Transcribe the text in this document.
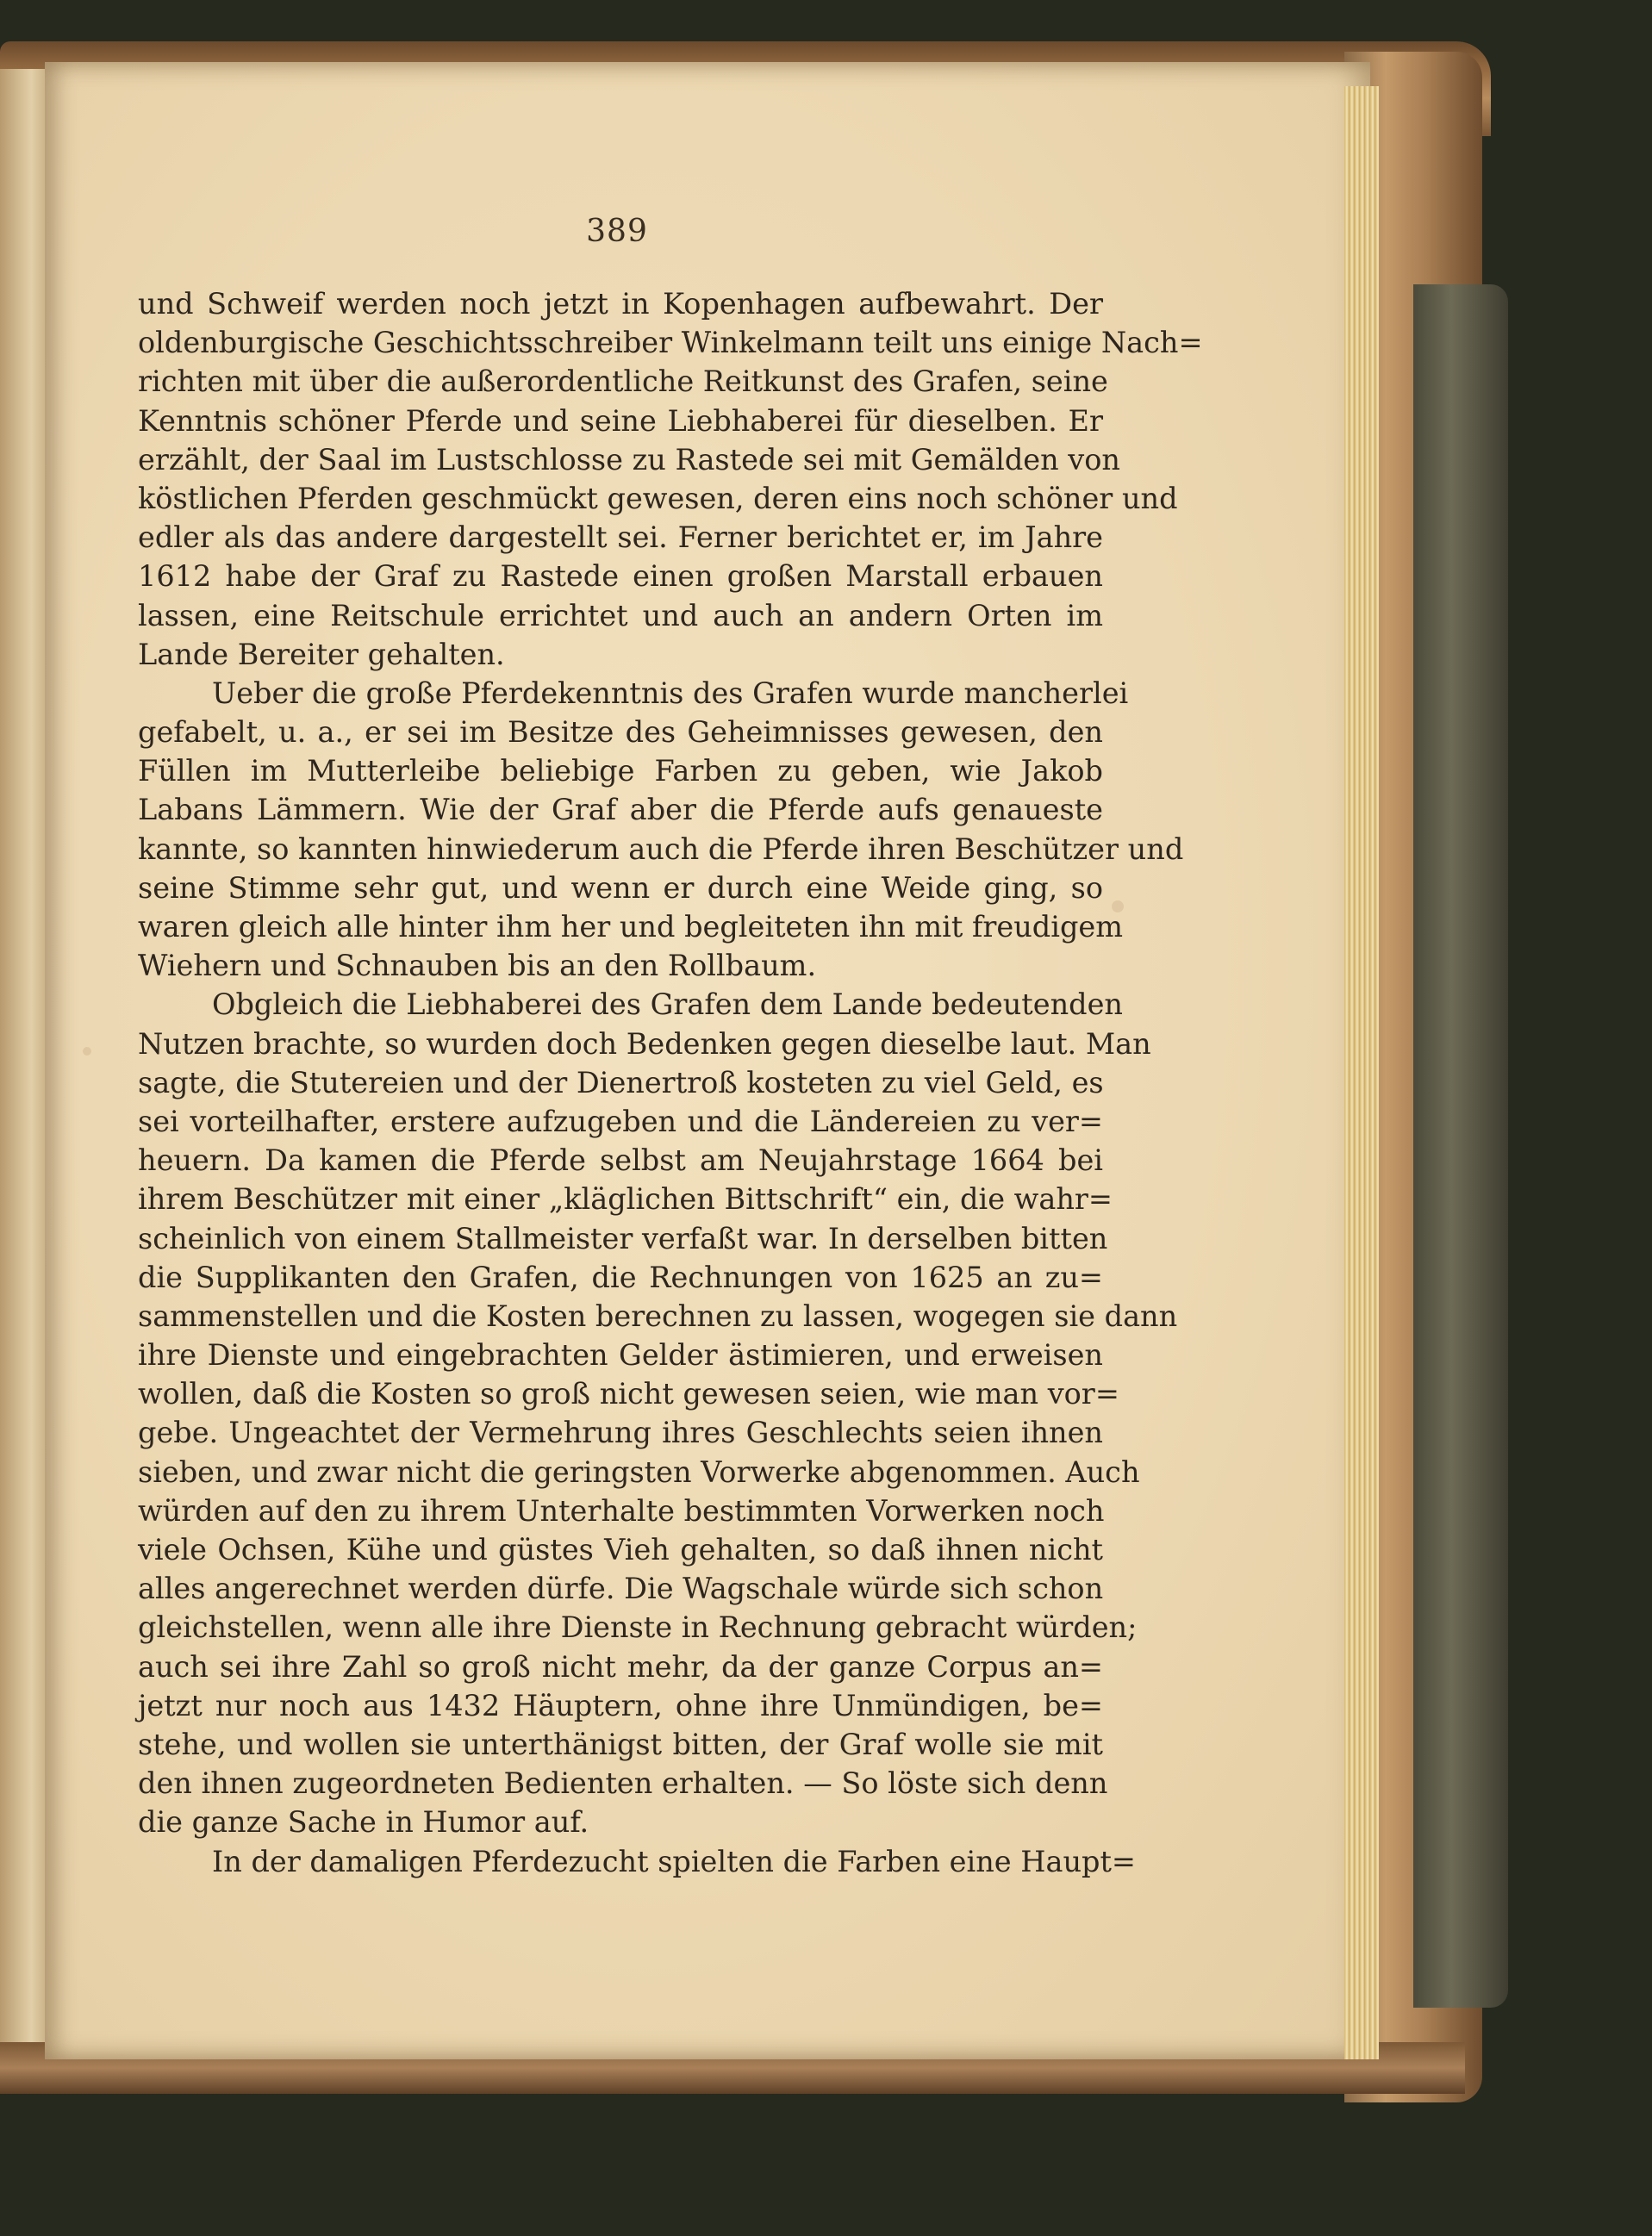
389
und Schweif werden noch jetzt in Kopenhagen aufbewahrt. Der
oldenburgische Geschichtsschreiber Winkelmann teilt uns einige Nach=
richten mit über die außerordentliche Reitkunst des Grafen, seine
Kenntnis schöner Pferde und seine Liebhaberei für dieselben. Er
erzählt, der Saal im Lustschlosse zu Rastede sei mit Gemälden von
köstlichen Pferden geschmückt gewesen, deren eins noch schöner und
edler als das andere dargestellt sei. Ferner berichtet er, im Jahre
1612 habe der Graf zu Rastede einen großen Marstall erbauen
lassen, eine Reitschule errichtet und auch an andern Orten im
Lande Bereiter gehalten.
Ueber die große Pferdekenntnis des Grafen wurde mancherlei
gefabelt, u. a., er sei im Besitze des Geheimnisses gewesen, den
Füllen im Mutterleibe beliebige Farben zu geben, wie Jakob
Labans Lämmern. Wie der Graf aber die Pferde aufs genaueste
kannte, so kannten hinwiederum auch die Pferde ihren Beschützer und
seine Stimme sehr gut, und wenn er durch eine Weide ging, so
waren gleich alle hinter ihm her und begleiteten ihn mit freudigem
Wiehern und Schnauben bis an den Rollbaum.
Obgleich die Liebhaberei des Grafen dem Lande bedeutenden
Nutzen brachte, so wurden doch Bedenken gegen dieselbe laut. Man
sagte, die Stutereien und der Dienertroß kosteten zu viel Geld, es
sei vorteilhafter, erstere aufzugeben und die Ländereien zu ver=
heuern. Da kamen die Pferde selbst am Neujahrstage 1664 bei
ihrem Beschützer mit einer „kläglichen Bittschrift“ ein, die wahr=
scheinlich von einem Stallmeister verfaßt war. In derselben bitten
die Supplikanten den Grafen, die Rechnungen von 1625 an zu=
sammenstellen und die Kosten berechnen zu lassen, wogegen sie dann
ihre Dienste und eingebrachten Gelder ästimieren, und erweisen
wollen, daß die Kosten so groß nicht gewesen seien, wie man vor=
gebe. Ungeachtet der Vermehrung ihres Geschlechts seien ihnen
sieben, und zwar nicht die geringsten Vorwerke abgenommen. Auch
würden auf den zu ihrem Unterhalte bestimmten Vorwerken noch
viele Ochsen, Kühe und güstes Vieh gehalten, so daß ihnen nicht
alles angerechnet werden dürfe. Die Wagschale würde sich schon
gleichstellen, wenn alle ihre Dienste in Rechnung gebracht würden;
auch sei ihre Zahl so groß nicht mehr, da der ganze Corpus an=
jetzt nur noch aus 1432 Häuptern, ohne ihre Unmündigen, be=
stehe, und wollen sie unterthänigst bitten, der Graf wolle sie mit
den ihnen zugeordneten Bedienten erhalten. — So löste sich denn
die ganze Sache in Humor auf.
In der damaligen Pferdezucht spielten die Farben eine Haupt=
